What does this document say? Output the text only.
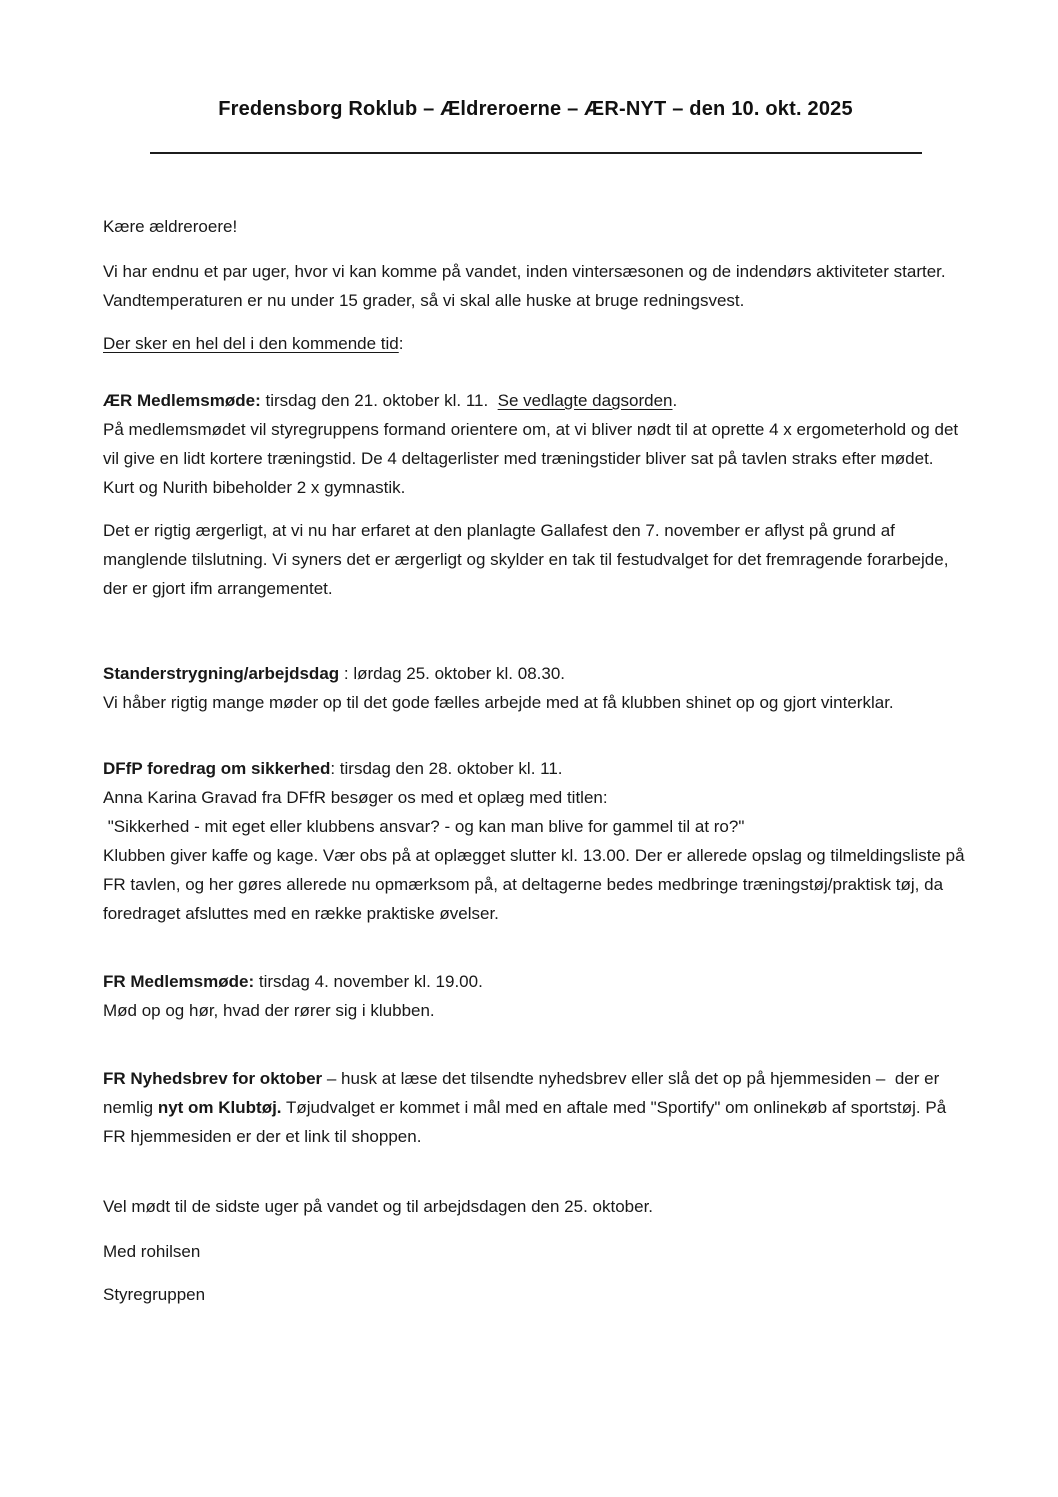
Fredensborg Roklub – Ældreroerne – ÆR-NYT – den 10. okt. 2025

Kære ældreroere!

Vi har endnu et par uger, hvor vi kan komme på vandet, inden vintersæsonen og de indendørs aktiviteter starter.  Vandtemperaturen er nu under 15 grader, så vi skal alle huske at bruge redningsvest.

Der sker en hel del i den kommende tid:

ÆR Medlemsmøde: tirsdag den 21. oktober kl. 11.  Se vedlagte dagsorden.
På medlemsmødet vil styregruppens formand orientere om, at vi bliver nødt til at oprette 4 x ergometerhold og det vil give en lidt kortere træningstid. De 4 deltagerlister med træningstider bliver sat på tavlen straks efter mødet. Kurt og Nurith bibeholder 2 x gymnastik.

Det er rigtig ærgerligt, at vi nu har erfaret at den planlagte Gallafest den 7. november er aflyst på grund af manglende tilslutning. Vi syners det er ærgerligt og skylder en tak til festudvalget for det fremragende forarbejde, der er gjort ifm arrangementet.

Standerstrygning/arbejdsdag : lørdag 25. oktober kl. 08.30.
Vi håber rigtig mange møder op til det gode fælles arbejde med at få klubben shinet op og gjort vinterklar.

DFfP foredrag om sikkerhed: tirsdag den 28. oktober kl. 11.
Anna Karina Gravad fra DFfR besøger os med et oplæg med titlen:
"Sikkerhed - mit eget eller klubbens ansvar? - og kan man blive for gammel til at ro?"
Klubben giver kaffe og kage. Vær obs på at oplægget slutter kl. 13.00. Der er allerede opslag og tilmeldingsliste på FR tavlen, og her gøres allerede nu opmærksom på, at deltagerne bedes medbringe træningstøj/praktisk tøj, da foredraget afsluttes med en række praktiske øvelser.

FR Medlemsmøde: tirsdag 4. november kl. 19.00.
Mød op og hør, hvad der rører sig i klubben.

FR Nyhedsbrev for oktober – husk at læse det tilsendte nyhedsbrev eller slå det op på hjemmesiden –  der er nemlig nyt om Klubtøj. Tøjudvalget er kommet i mål med en aftale med "Sportify" om onlinekøb af sportstøj. På FR hjemmesiden er der et link til shoppen.

Vel mødt til de sidste uger på vandet og til arbejdsdagen den 25. oktober.

Med rohilsen

Styregruppen
